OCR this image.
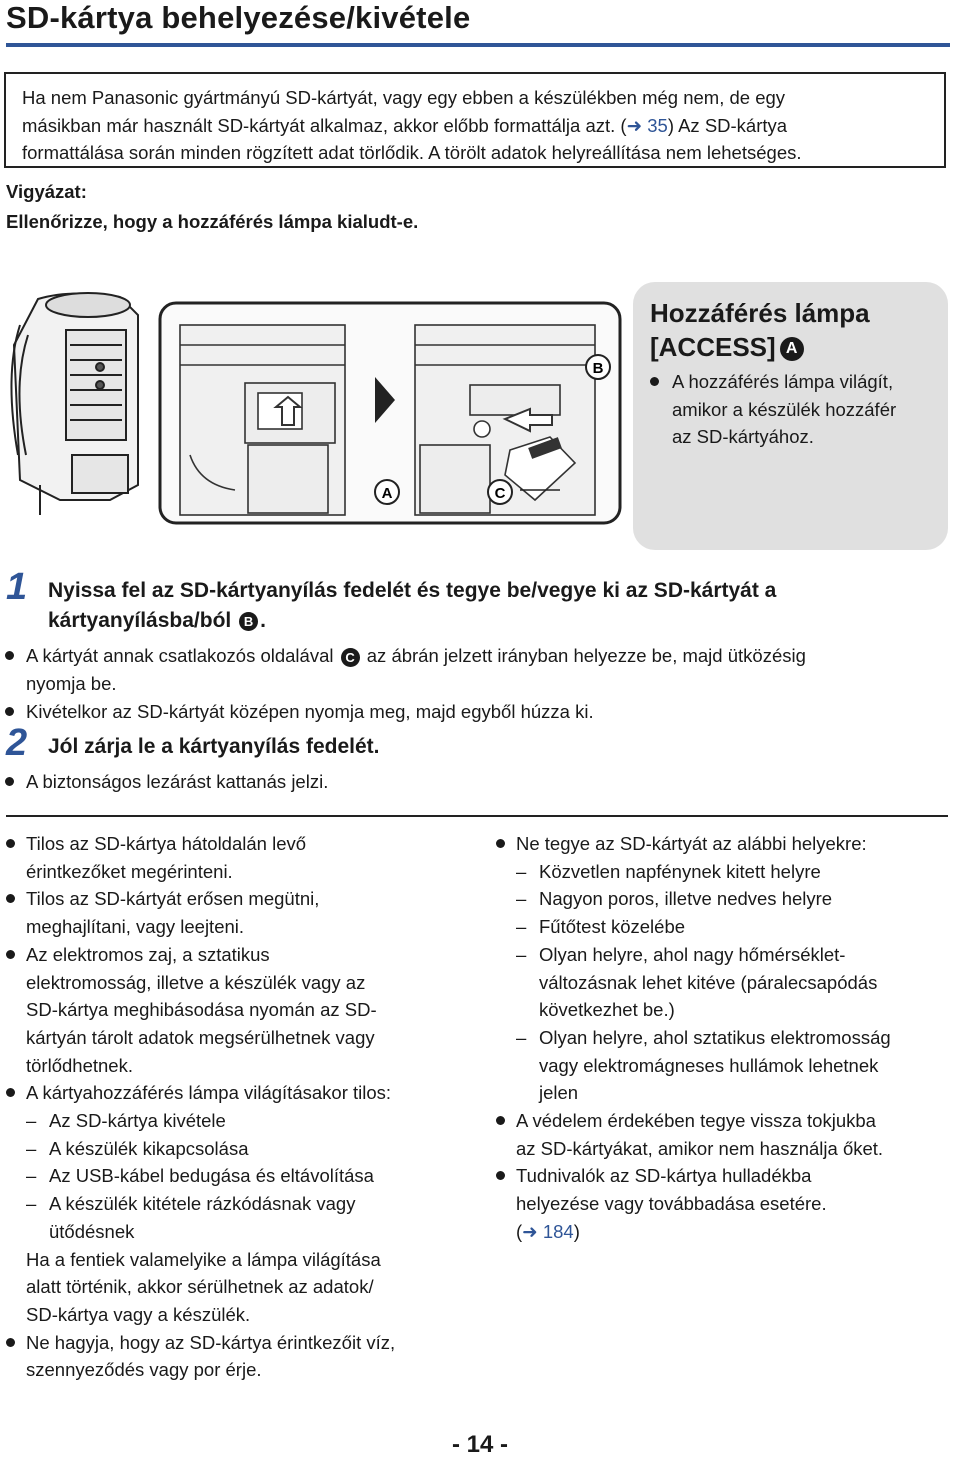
SD-kártya behelyezése/kivétele
Ha nem Panasonic gyártmányú SD-kártyát, vagy egy ebben a készülékben még nem, de egy
másikban már használt SD-kártyát alkalmaz, akkor előbb formattálja azt. (➜ 35) Az SD-kártya
formattálása során minden rögzített adat törlődik. A törölt adatok helyreállítása nem lehetséges.
Vigyázat:
Ellenőrizze, hogy a hozzáférés lámpa kialudt-e.
B
A	C
Hozzáférés lámpa
[ACCESS] A
A hozzáférés lámpa világít,
amikor a készülék hozzáfér
az SD-kártyához.
1 Nyissa fel az SD-kártyanyílás fedelét és tegye be/vegye ki az SD-kártyát a
kártyanyílásba/ból B .
A kártyát annak csatlakozós oldalával C az ábrán jelzett irányban helyezze be, majd ütközésig
nyomja be.
Kivételkor az SD-kártyát középen nyomja meg, majd egyből húzza ki.
2 Jól zárja le a kártyanyílás fedelét.
A biztonságos lezárást kattanás jelzi.
Tilos az SD-kártya hátoldalán levő
érintkezőket megérinteni.
Tilos az SD-kártyát erősen megütni,
meghajlítani, vagy leejteni.
Az elektromos zaj, a sztatikus
elektromosság, illetve a készülék vagy az
SD-kártya meghibásodása nyomán az SD-
kártyán tárolt adatok megsérülhetnek vagy
törlődhetnek.
A kártyahozzáférés lámpa világításakor tilos:
– Az SD-kártya kivétele
– A készülék kikapcsolása
– Az USB-kábel bedugása és eltávolítása
– A készülék kitétele rázkódásnak vagy
ütődésnek
Ha a fentiek valamelyike a lámpa világítása
alatt történik, akkor sérülhetnek az adatok/
SD-kártya vagy a készülék.
Ne hagyja, hogy az SD-kártya érintkezőit víz,
szennyeződés vagy por érje.
Ne tegye az SD-kártyát az alábbi helyekre:
– Közvetlen napfénynek kitett helyre
– Nagyon poros, illetve nedves helyre
– Fűtőtest közelébe
– Olyan helyre, ahol nagy hőmérséklet-
változásnak lehet kitéve (páralecsapódás
következhet be.)
– Olyan helyre, ahol sztatikus elektromosság
vagy elektromágneses hullámok lehetnek
jelen
A védelem érdekében tegye vissza tokjukba
az SD-kártyákat, amikor nem használja őket.
Tudnivalók az SD-kártya hulladékba
helyezése vagy továbbadása esetére.
(➜ 184)
- 14 -
